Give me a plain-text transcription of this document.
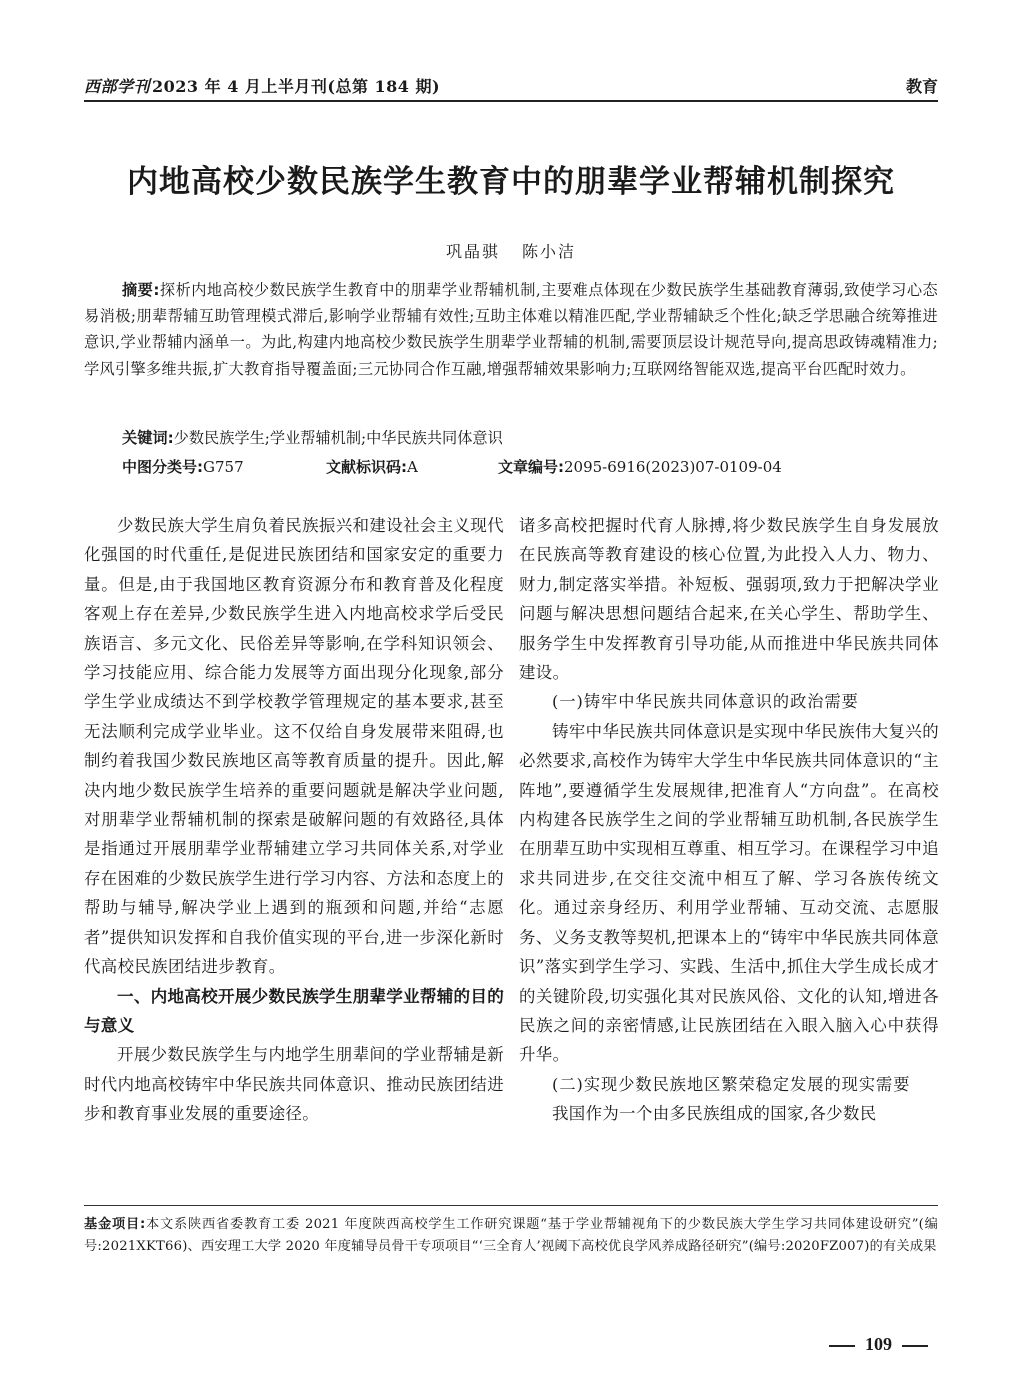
西部学刊 2023 年 4 月上半月刊(总第 184 期)	教育
内地高校少数民族学生教育中的朋辈学业帮辅机制探究
巩晶骐 陈小洁
摘要:探析内地高校少数民族学生教育中的朋辈学业帮辅机制,主要难点体现在少数民族学生基础教育薄弱,致使学习心态易消极;朋辈帮辅互助管理模式滞后,影响学业帮辅有效性;互助主体难以精准匹配,学业帮辅缺乏个性化;缺乏学思融合统筹推进意识,学业帮辅内涵单一。为此,构建内地高校少数民族学生朋辈学业帮辅的机制,需要顶层设计规范导向,提高思政铸魂精准力;学风引擎多维共振,扩大教育指导覆盖面;三元协同合作互融,增强帮辅效果影响力;互联网络智能双选,提高平台匹配时效力。
关键词:少数民族学生;学业帮辅机制;中华民族共同体意识
中图分类号:G757	文献标识码:A	文章编号:2095-6916(2023)07-0109-04

少数民族大学生肩负着民族振兴和建设社会主义现代化强国的时代重任,是促进民族团结和国家安定的重要力量。但是,由于我国地区教育资源分布和教育普及化程度客观上存在差异,少数民族学生进入内地高校求学后受民族语言、多元文化、民俗差异等影响,在学科知识领会、学习技能应用、综合能力发展等方面出现分化现象,部分学生学业成绩达不到学校教学管理规定的基本要求,甚至无法顺利完成学业毕业。这不仅给自身发展带来阻碍,也制约着我国少数民族地区高等教育质量的提升。因此,解决内地少数民族学生培养的重要问题就是解决学业问题,对朋辈学业帮辅机制的探索是破解问题的有效路径,具体是指通过开展朋辈学业帮辅建立学习共同体关系,对学业存在困难的少数民族学生进行学习内容、方法和态度上的帮助与辅导,解决学业上遇到的瓶颈和问题,并给“志愿者”提供知识发挥和自我价值实现的平台,进一步深化新时代高校民族团结进步教育。

一、内地高校开展少数民族学生朋辈学业帮辅的目的与意义

开展少数民族学生与内地学生朋辈间的学业帮辅是新时代内地高校铸牢中华民族共同体意识、推动民族团结进步和教育事业发展的重要途径。

诸多高校把握时代育人脉搏,将少数民族学生自身发展放在民族高等教育建设的核心位置,为此投入人力、物力、财力,制定落实举措。补短板、强弱项,致力于把解决学业问题与解决思想问题结合起来,在关心学生、帮助学生、服务学生中发挥教育引导功能,从而推进中华民族共同体建设。

(一)铸牢中华民族共同体意识的政治需要

铸牢中华民族共同体意识是实现中华民族伟大复兴的必然要求,高校作为铸牢大学生中华民族共同体意识的“主阵地”,要遵循学生发展规律,把准育人“方向盘”。在高校内构建各民族学生之间的学业帮辅互助机制,各民族学生在朋辈互助中实现相互尊重、相互学习。在课程学习中追求共同进步,在交往交流中相互了解、学习各族传统文化。通过亲身经历、利用学业帮辅、互动交流、志愿服务、义务支教等契机,把课本上的“铸牢中华民族共同体意识”落实到学生学习、实践、生活中,抓住大学生成长成才的关键阶段,切实强化其对民族风俗、文化的认知,增进各民族之间的亲密情感,让民族团结在入眼入脑入心中获得升华。

(二)实现少数民族地区繁荣稳定发展的现实需要

我国作为一个由多民族组成的国家,各少数民

基金项目:本文系陕西省委教育工委 2021 年度陕西高校学生工作研究课题“基于学业帮辅视角下的少数民族大学生学习共同体建设研究”(编号:2021XKT66)、西安理工大学 2020 年度辅导员骨干专项项目“‘三全育人’视阈下高校优良学风养成路径研究”(编号:2020FZ007)的有关成果
109
